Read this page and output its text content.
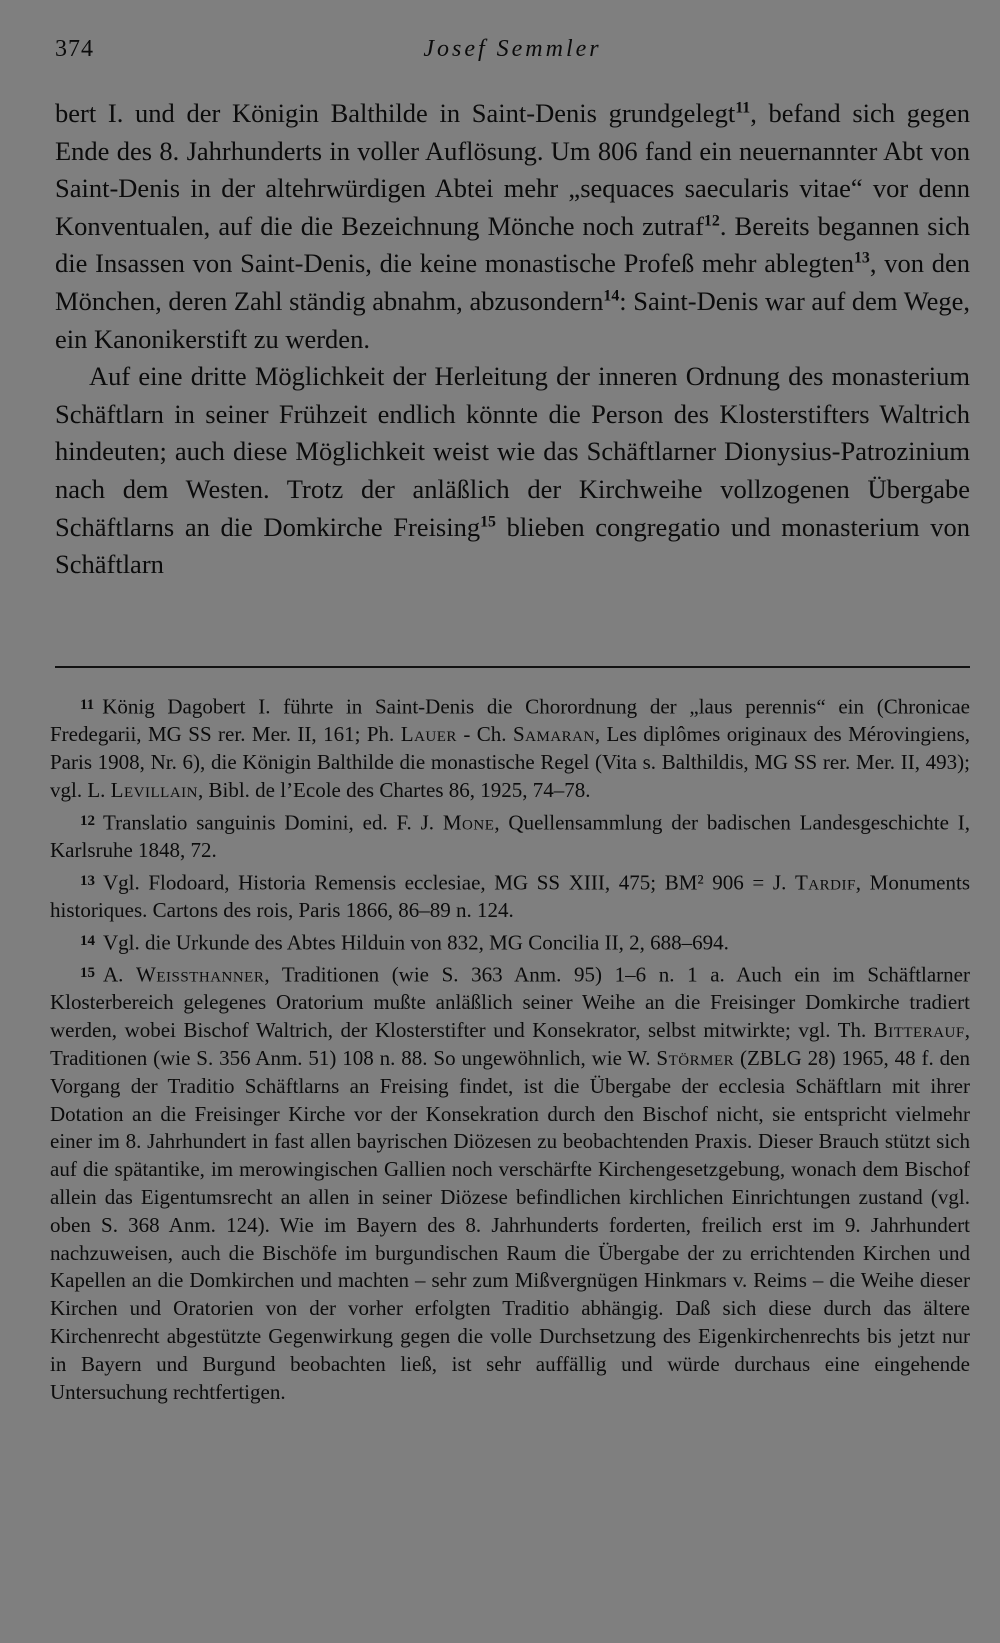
374	Josef Semmler

bert I. und der Königin Balthilde in Saint-Denis grundgelegt$^{11}$, befand sich gegen Ende des 8. Jahrhunderts in voller Auflösung. Um 806 fand ein neuernannter Abt von Saint-Denis in der altehrwürdigen Abtei mehr „sequaces saecularis vitae“ vor denn Konventualen, auf die die Bezeichnung Mönche noch zutraf$^{12}$. Bereits begannen sich die Insassen von Saint-Denis, die keine monastische Profeß mehr ablegten$^{13}$, von den Mönchen, deren Zahl ständig abnahm, abzusondern$^{14}$: Saint-Denis war auf dem Wege, ein Kanonikerstift zu werden.

Auf eine dritte Möglichkeit der Herleitung der inneren Ordnung des monasterium Schäftlarn in seiner Frühzeit endlich könnte die Person des Klosterstifters Waltrich hindeuten; auch diese Möglichkeit weist wie das Schäftlarner Dionysius-Patrozinium nach dem Westen. Trotz der anläßlich der Kirchweihe vollzogenen Übergabe Schäftlarns an die Domkirche Freising$^{15}$ blieben congregatio und monasterium von Schäftlarn

$^{11}$ König Dagobert I. führte in Saint-Denis die Chorordnung der „laus perennis“ ein (Chronicae Fredegarii, MG SS rer. Mer. II, 161; Ph. Lauer - Ch. Samaran, Les diplômes originaux des Mérovingiens, Paris 1908, Nr. 6), die Königin Balthilde die monastische Regel (Vita s. Balthildis, MG SS rer. Mer. II, 493); vgl. L. Levillain, Bibl. de l’Ecole des Chartes 86, 1925, 74–78.

$^{12}$ Translatio sanguinis Domini, ed. F. J. Mone, Quellensammlung der badischen Landesgeschichte I, Karlsruhe 1848, 72.

$^{13}$ Vgl. Flodoard, Historia Remensis ecclesiae, MG SS XIII, 475; BM² 906 = J. Tardif, Monuments historiques. Cartons des rois, Paris 1866, 86–89 n. 124.

$^{14}$ Vgl. die Urkunde des Abtes Hilduin von 832, MG Concilia II, 2, 688–694.

$^{15}$ A. Weissthanner, Traditionen (wie S. 363 Anm. 95) 1–6 n. 1 a. Auch ein im Schäftlarner Klosterbereich gelegenes Oratorium mußte anläßlich seiner Weihe an die Freisinger Domkirche tradiert werden, wobei Bischof Waltrich, der Klosterstifter und Konsekrator, selbst mitwirkte; vgl. Th. Bitterauf, Traditionen (wie S. 356 Anm. 51) 108 n. 88. So ungewöhnlich, wie W. Störmer (ZBLG 28) 1965, 48 f. den Vorgang der Traditio Schäftlarns an Freising findet, ist die Übergabe der ecclesia Schäftlarn mit ihrer Dotation an die Freisinger Kirche vor der Konsekration durch den Bischof nicht, sie entspricht vielmehr einer im 8. Jahrhundert in fast allen bayrischen Diözesen zu beobachtenden Praxis. Dieser Brauch stützt sich auf die spätantike, im merowingischen Gallien noch verschärfte Kirchengesetzgebung, wonach dem Bischof allein das Eigentumsrecht an allen in seiner Diözese befindlichen kirchlichen Einrichtungen zustand (vgl. oben S. 368 Anm. 124). Wie im Bayern des 8. Jahrhunderts forderten, freilich erst im 9. Jahrhundert nachzuweisen, auch die Bischöfe im burgundischen Raum die Übergabe der zu errichtenden Kirchen und Kapellen an die Domkirchen und machten – sehr zum Mißvergnügen Hinkmars v. Reims – die Weihe dieser Kirchen und Oratorien von der vorher erfolgten Traditio abhängig. Daß sich diese durch das ältere Kirchenrecht abgestützte Gegenwirkung gegen die volle Durchsetzung des Eigenkirchenrechts bis jetzt nur in Bayern und Burgund beobachten ließ, ist sehr auffällig und würde durchaus eine eingehende Untersuchung rechtfertigen.
